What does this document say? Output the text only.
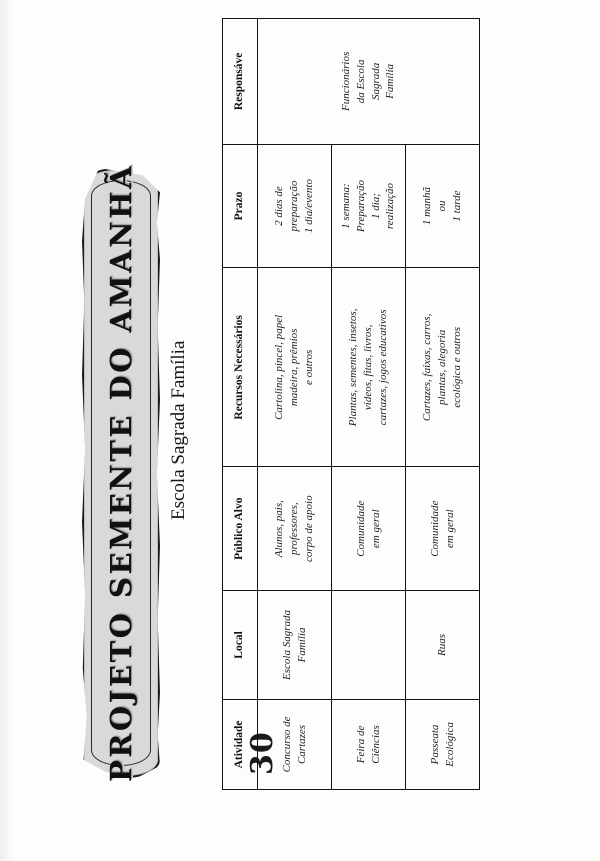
PROJETO SEMENTE DO AMANHÃ Escola Sagrada Família
30
Atividade	Local	Público Alvo	Recursos Necessários	Prazo	Responsáve

Concurso de Cartazes	Escola Sagrada Família	Alunos, pais, professores, corpo de apoio	Cartolina, pincel, papel madeira, prêmios e outros	2 dias de preparação 1 dia/evento	Funcionários da Escola Sagrada Família

Feira de Ciências		Comunidade em geral	Plantas, sementes, insetos, vídeos, fitas, livros, cartazes, jogos educativos	1 semana: Preparação 1 dia; realização	

Passeata Ecológica	Ruas	Comunidade em geral	Cartazes, faixas, carros, plantas, alegoria ecológica e outros	1 manhã ou 1 tarde	
